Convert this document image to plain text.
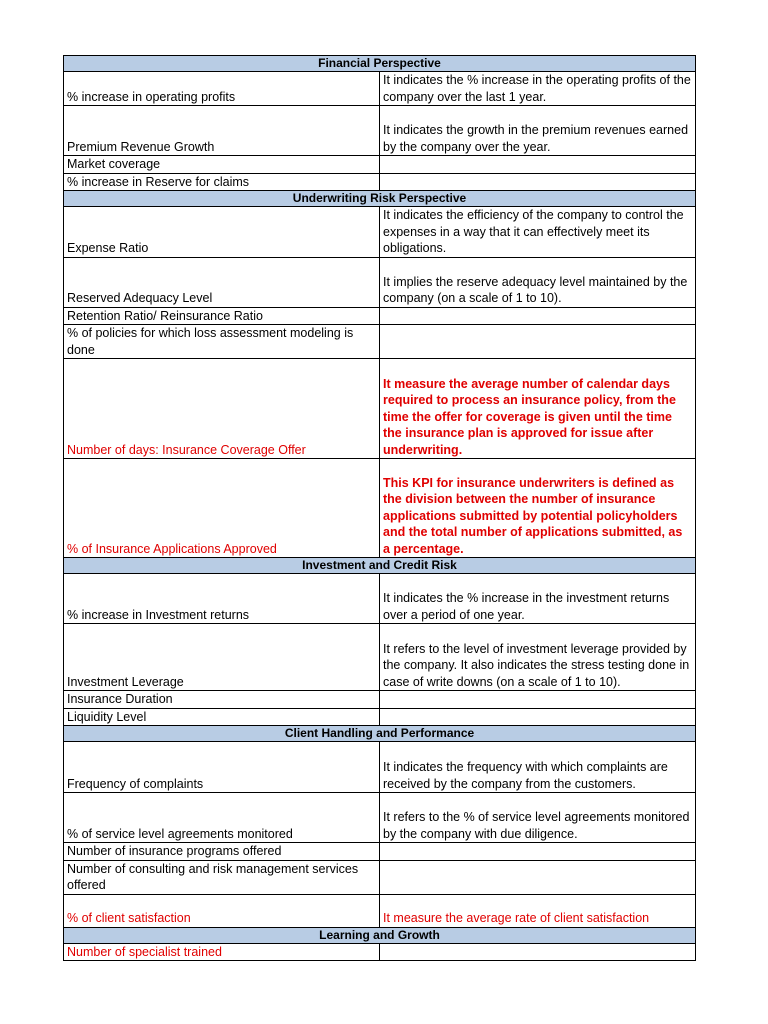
Financial Perspective	
% increase in operating profits	It indicates the % increase in the operating profits of the company over the last 1 year.
Premium Revenue Growth	It indicates the growth in the premium revenues earned by the company over the year.
Market coverage	
% increase in Reserve for claims	
Underwriting Risk Perspective	
Expense Ratio	It indicates the efficiency of the company to control the expenses in a way that it can effectively meet its obligations.
Reserved Adequacy Level	It implies the reserve adequacy level maintained by the company (on a scale of 1 to 10).
Retention Ratio/ Reinsurance Ratio	
% of policies for which loss assessment modeling is done	
Number of days: Insurance Coverage Offer	It measure the average number of calendar days required to process an insurance policy, from the time the offer for coverage is given until the time the insurance plan is approved for issue after underwriting.
% of Insurance Applications Approved	This KPI for insurance underwriters is defined as the division between the number of insurance applications submitted by potential policyholders and the total number of applications submitted, as a percentage.
Investment and Credit Risk	
% increase in Investment returns	It indicates the % increase in the investment returns over a period of one year.
Investment Leverage	It refers to the level of investment leverage provided by the company. It also indicates the stress testing done in case of write downs (on a scale of 1 to 10).
Insurance Duration	
Liquidity Level	
Client Handling and Performance	
Frequency of complaints	It indicates the frequency with which complaints are received by the company from the customers.
% of service level agreements monitored	It refers to the % of service level agreements monitored by the company with due diligence.
Number of insurance programs offered	
Number of consulting and risk management services offered	
% of client satisfaction	It measure the average rate of client satisfaction
Learning and Growth	
Number of specialist trained	
